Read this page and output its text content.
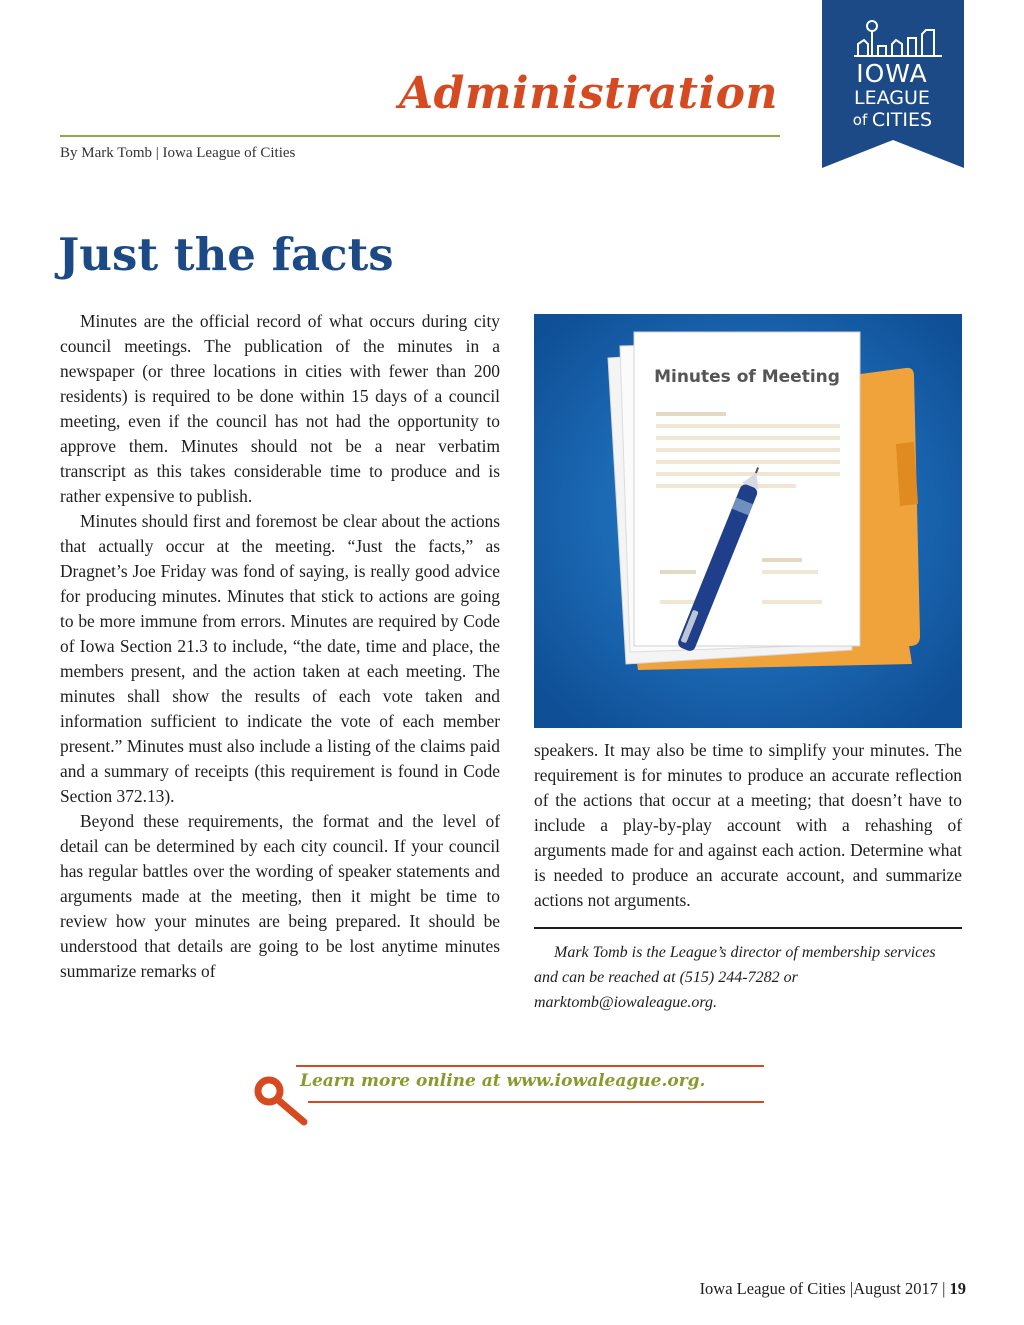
Administration
By Mark Tomb | Iowa League of Cities
IOWA
LEAGUE
of CITIES
Just the facts

Minutes are the official record of what occurs during city council meetings. The publication of the minutes in a newspaper (or three locations in cities with fewer than 200 residents) is required to be done within 15 days of a council meeting, even if the council has not had the opportunity to approve them. Minutes should not be a near verbatim transcript as this takes considerable time to produce and is rather expensive to publish.

Minutes should first and foremost be clear about the actions that actually occur at the meeting. “Just the facts,” as Dragnet’s Joe Friday was fond of saying, is really good advice for producing minutes. Minutes that stick to actions are going to be more immune from errors. Minutes are required by Code of Iowa Section 21.3 to include, “the date, time and place, the members present, and the action taken at each meeting. The minutes shall show the results of each vote taken and information sufficient to indicate the vote of each member present.” Minutes must also include a listing of the claims paid and a summary of receipts (this requirement is found in Code Section 372.13).

Beyond these requirements, the format and the level of detail can be determined by each city council. If your council has regular battles over the wording of speaker statements and arguments made at the meeting, then it might be time to review how your minutes are being prepared. It should be understood that details are going to be lost anytime minutes summarize remarks of

Minutes of Meeting

speakers. It may also be time to simplify your minutes. The requirement is for minutes to produce an accurate reflection of the actions that occur at a meeting; that doesn’t have to include a play-by-play account with a rehashing of arguments made for and against each action. Determine what is needed to produce an accurate account, and summarize actions not arguments.

Mark Tomb is the League’s director of membership services and can be reached at (515) 244-7282 or marktomb@iowaleague.org.
Learn more online at www.iowaleague.org.
Iowa League of Cities |August 2017 | 19
